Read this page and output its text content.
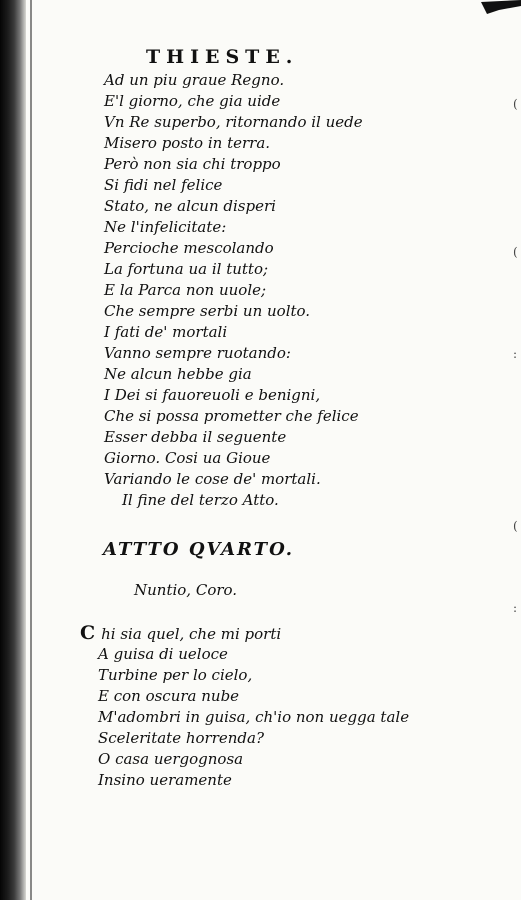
(
(
:
(
:
THIESTE.
Ad un piu graue Regno.
E'l giorno, che gia uide
Vn Re superbo, ritornando il uede
Misero posto in terra.
Però non sia chi troppo
Si fidi nel felice
Stato, ne alcun disperi
Ne l'infelicitate:
Percioche mescolando
La fortuna ua il tutto;
E la Parca non uuole;
Che sempre serbi un uolto.
I fati de' mortali
Vanno sempre ruotando:
Ne alcun hebbe gia
I Dei si fauoreuoli e benigni,
Che si possa prometter che felice
Esser debba il seguente
Giorno. Cosi ua Gioue
Variando le cose de' mortali.
Il fine del terzo Atto.
ATTTO QVARTO.
Nuntio, Coro.
C hi sia quel, che mi porti
A guisa di ueloce
Turbine per lo cielo,
E con oscura nube
M'adombri in guisa, ch'io non uegga tale
Sceleritate horrenda?
O casa uergognosa
Insino ueramente
